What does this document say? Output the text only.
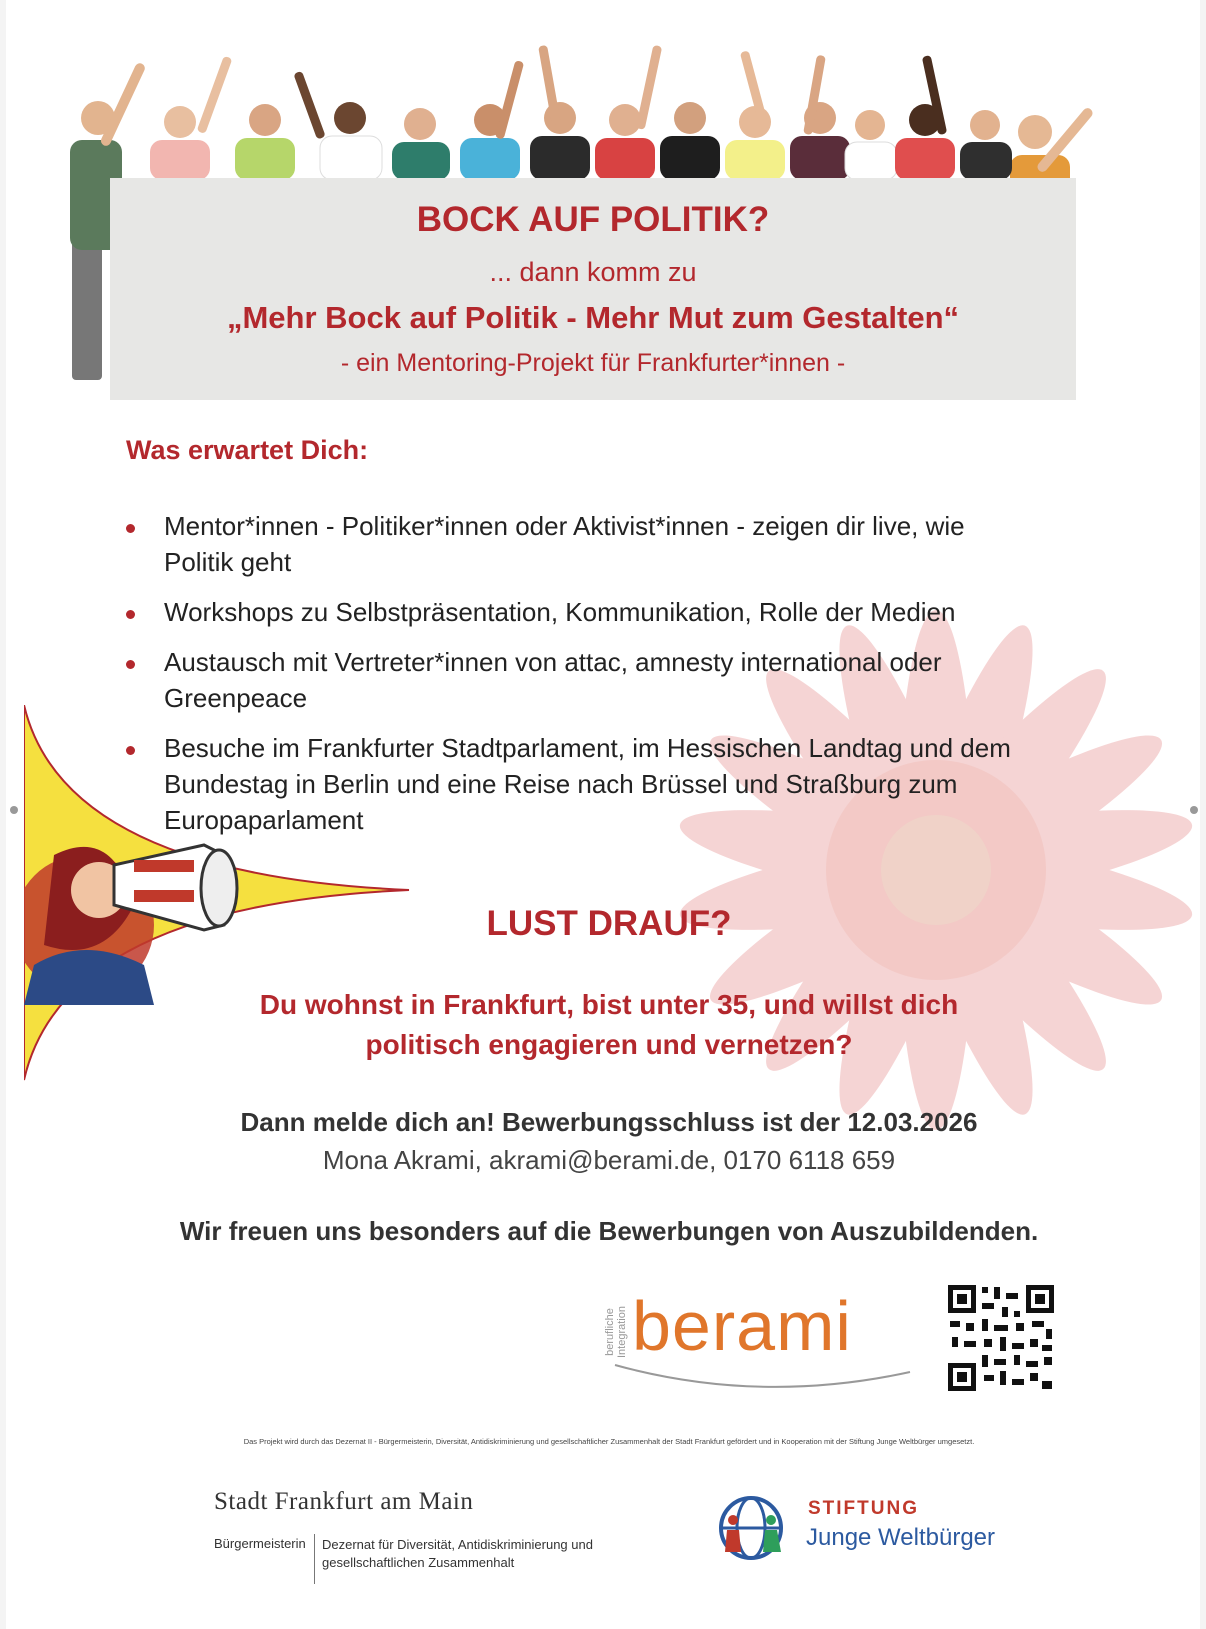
BOCK AUF POLITIK?
... dann komm zu
„Mehr Bock auf Politik - Mehr Mut zum Gestalten“
- ein Mentoring-Projekt für Frankfurter*innen -
Was erwartet Dich:
Mentor*innen - Politiker*innen oder Aktivist*innen - zeigen dir live, wie Politik geht
Workshops zu Selbstpräsentation, Kommunikation, Rolle der Medien
Austausch mit Vertreter*innen von attac, amnesty international oder Greenpeace
Besuche im Frankfurter Stadtparlament, im Hessischen Landtag und dem Bundestag in Berlin und eine Reise nach Brüssel und Straßburg zum Europaparlament
LUST DRAUF?
Du wohnst in Frankfurt, bist unter 35, und willst dich
politisch engagieren und vernetzen?
Dann melde dich an! Bewerbungsschluss ist der 12.03.2026
Mona Akrami, akrami@berami.de, 0170 6118 659
Wir freuen uns besonders auf die Bewerbungen von Auszubildenden.
berufliche Integration berami
Das Projekt wird durch das Dezernat II - Bürgermeisterin, Diversität, Antidiskriminierung und gesellschaftlicher Zusammenhalt der Stadt Frankfurt gefördert und in Kooperation mit der Stiftung Junge Weltbürger umgesetzt.
Stadt Frankfurt am Main
Bürgermeisterin Dezernat für Diversität, Antidiskriminierung und gesellschaftlichen Zusammenhalt
STIFTUNG
Junge Weltbürger
